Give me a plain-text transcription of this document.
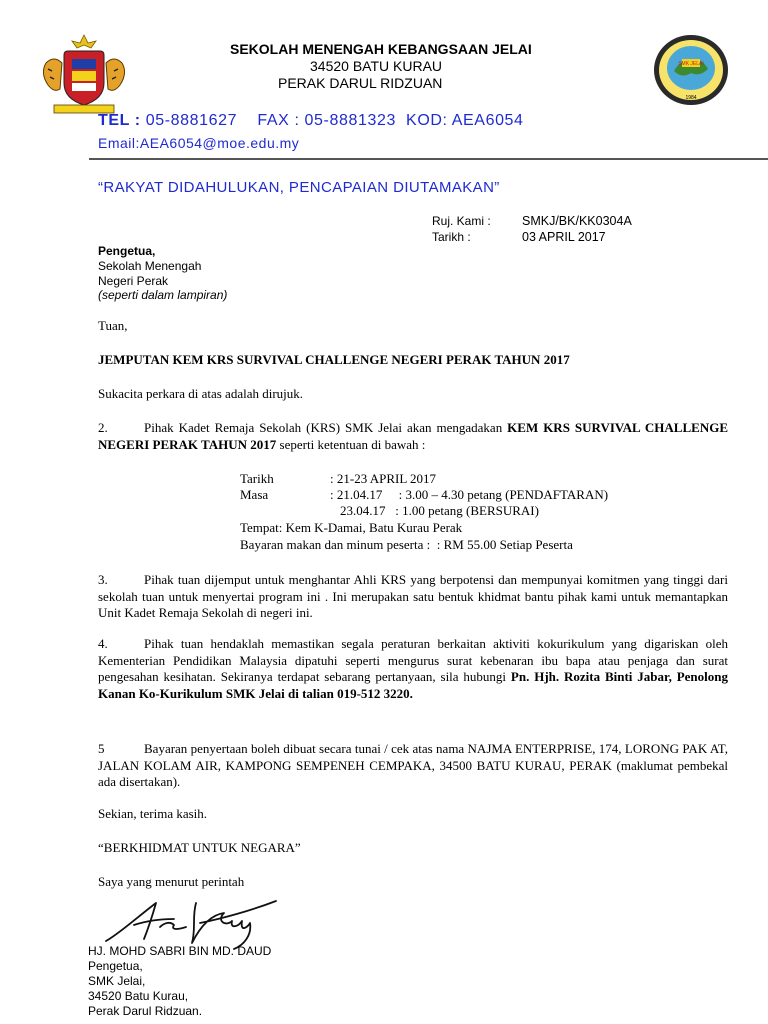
SEKOLAH MENENGAH KEBANGSAAN JELAI
34520 BATU KURAU
PERAK DARUL RIDZUAN
SMK JELAI
1984
TEL : 05-8881627 FAX : 05-8881323 KOD: AEA6054
Email:AEA6054@moe.edu.my
“RAKYAT DIDAHULUKAN, PENCAPAIAN DIUTAMAKAN”
Ruj. Kami :	SMKJ/BK/KK0304A
Tarikh :	03 APRIL 2017
Pengetua,
Sekolah Menengah
Negeri Perak
(seperti dalam lampiran)
Tuan,
JEMPUTAN KEM KRS SURVIVAL CHALLENGE NEGERI PERAK TAHUN 2017
Sukacita perkara di atas adalah dirujuk.
2.	Pihak Kadet Remaja Sekolah (KRS) SMK Jelai akan mengadakan KEM KRS SURVIVAL CHALLENGE NEGERI PERAK TAHUN 2017 seperti ketentuan di bawah :
Tarikh	: 21-23 APRIL 2017
Masa	: 21.04.17     : 3.00 – 4.30 petang (PENDAFTARAN)
23.04.17   : 1.00 petang (BERSURAI)
Tempat: Kem K-Damai, Batu Kurau Perak
Bayaran makan dan minum peserta :  : RM 55.00 Setiap Peserta
3.	Pihak tuan dijemput untuk menghantar Ahli KRS yang berpotensi dan mempunyai komitmen yang tinggi dari sekolah tuan untuk menyertai program ini . Ini merupakan satu bentuk khidmat bantu pihak kami untuk memantapkan Unit Kadet Remaja Sekolah di negeri ini.
4.	Pihak tuan hendaklah memastikan segala peraturan berkaitan aktiviti kokurikulum yang digariskan oleh Kementerian Pendidikan Malaysia dipatuhi seperti mengurus surat kebenaran ibu bapa atau penjaga dan surat pengesahan kesihatan. Sekiranya terdapat sebarang pertanyaan, sila hubungi Pn. Hjh. Rozita Binti Jabar, Penolong Kanan Ko-Kurikulum SMK Jelai di talian 019-512 3220.
5	Bayaran penyertaan boleh dibuat secara tunai / cek atas nama NAJMA ENTERPRISE, 174, LORONG PAK AT, JALAN KOLAM AIR, KAMPONG SEMPENEH CEMPAKA, 34500 BATU KURAU, PERAK (maklumat pembekal ada disertakan).
Sekian, terima kasih.
“BERKHIDMAT UNTUK NEGARA”
Saya yang menurut perintah
HJ. MOHD SABRI BIN MD. DAUD
Pengetua,
SMK Jelai,
34520 Batu Kurau,
Perak Darul Ridzuan.
